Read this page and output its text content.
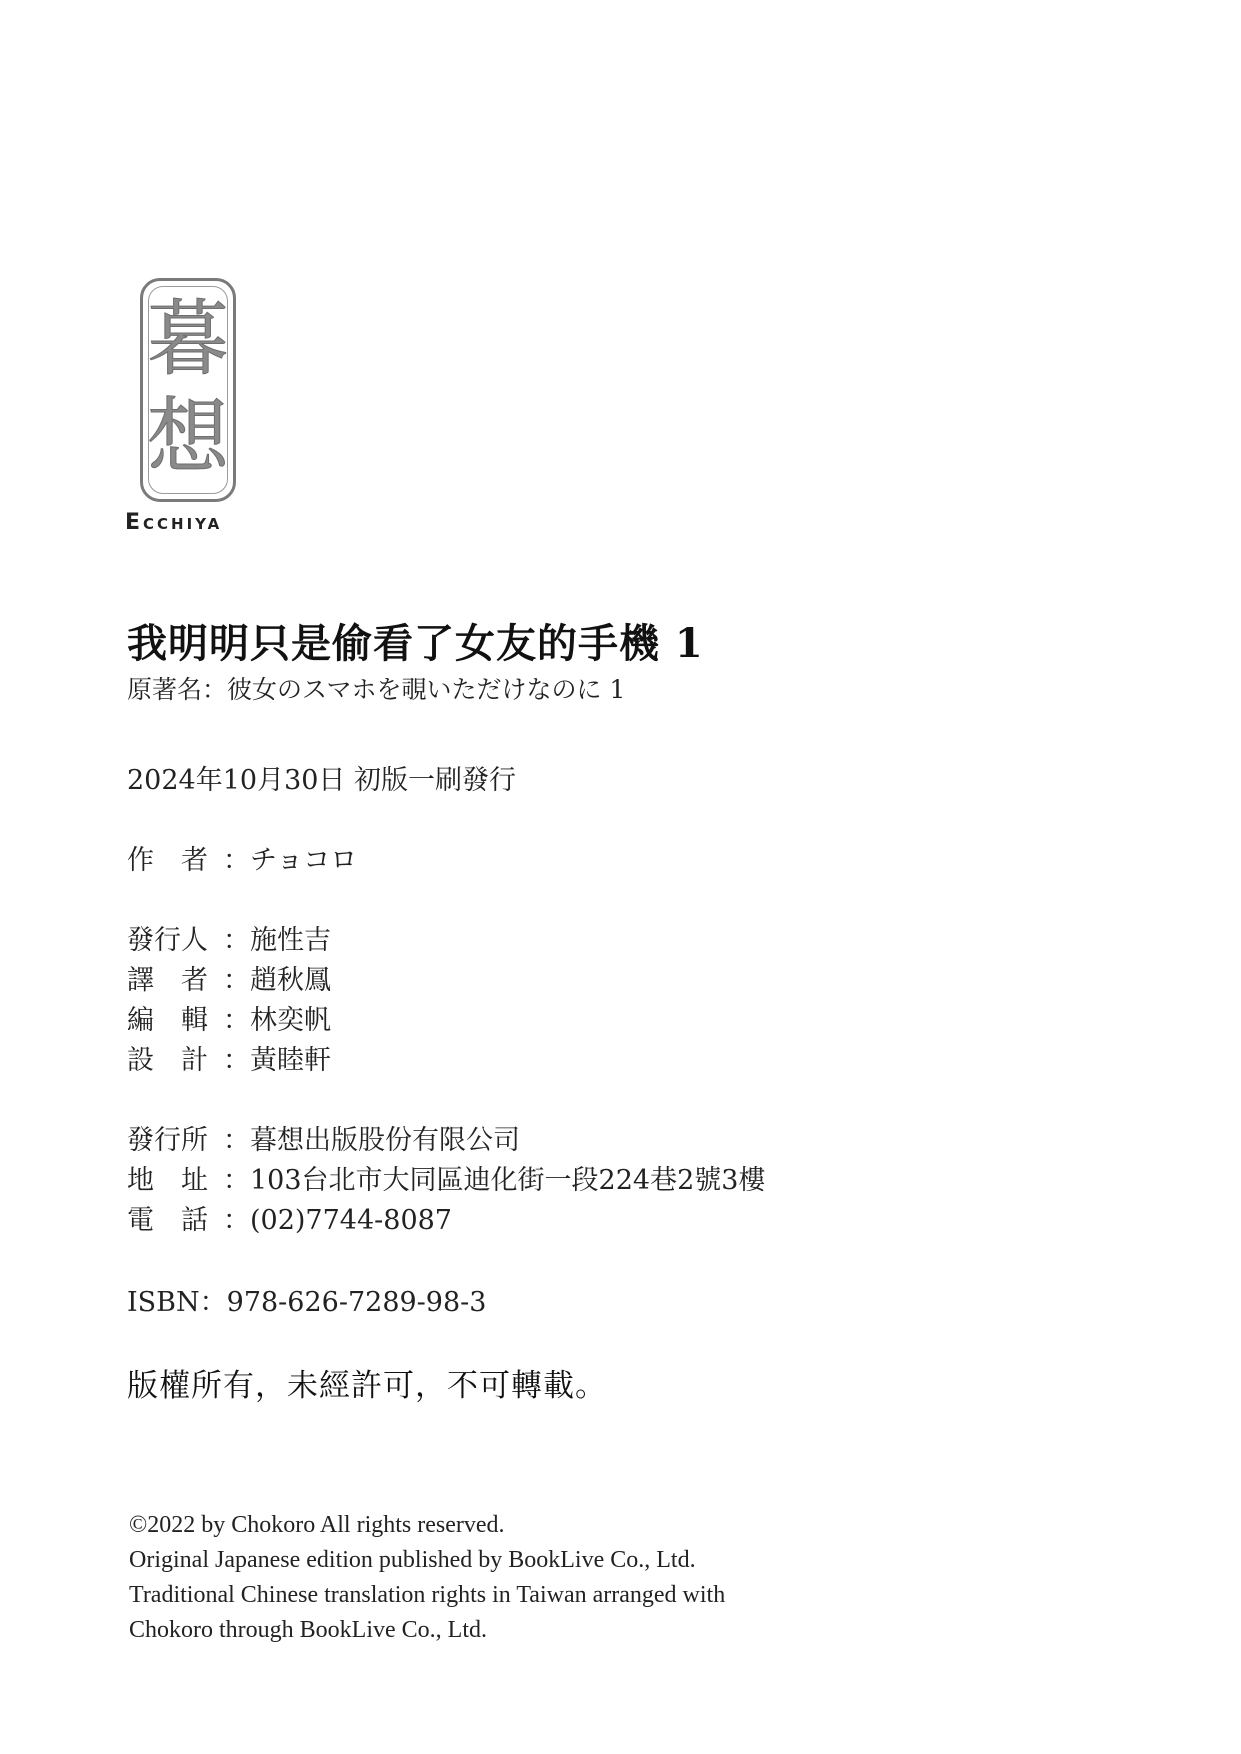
暮
想
Ecchiya
我明明只是偷看了女友的手機 1
原著名：彼女のスマホを覗いただけなのに 1
2024年10月30日 初版一刷發行
作　者 ：チョコロ
發行人 ：施性吉
譯　者 ：趙秋鳳
編　輯 ：林奕帆
設　計 ：黃睦軒
發行所 ：暮想出版股份有限公司
地　址 ：103台北市大同區迪化街一段224巷2號3樓
電　話 ：(02)7744-8087
ISBN：978-626-7289-98-3
版權所有，未經許可，不可轉載。
©2022 by Chokoro All rights reserved.
Original Japanese edition published by BookLive Co., Ltd.
Traditional Chinese translation rights in Taiwan arranged with
Chokoro through BookLive Co., Ltd.
